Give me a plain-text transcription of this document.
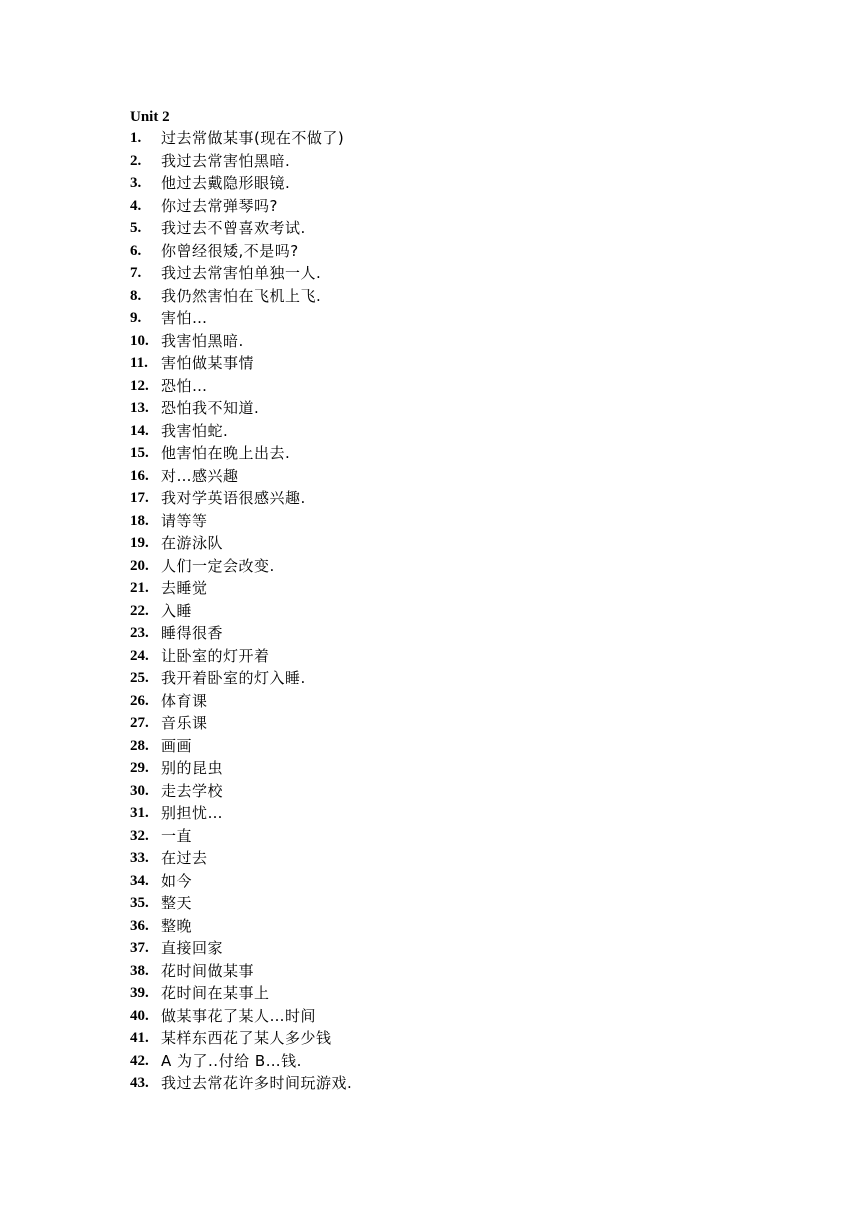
Unit 2
1.	过去常做某事(现在不做了)
2.	我过去常害怕黑暗.
3.	他过去戴隐形眼镜.
4.	你过去常弹琴吗?
5.	我过去不曾喜欢考试.
6.	你曾经很矮,不是吗?
7.	我过去常害怕单独一人.
8.	我仍然害怕在飞机上飞.
9.	害怕…
10. 我害怕黑暗.
11. 害怕做某事情
12. 恐怕…
13. 恐怕我不知道.
14. 我害怕蛇.
15. 他害怕在晚上出去.
16. 对…感兴趣
17. 我对学英语很感兴趣.
18. 请等等
19. 在游泳队
20. 人们一定会改变.
21. 去睡觉
22. 入睡
23. 睡得很香
24. 让卧室的灯开着
25. 我开着卧室的灯入睡.
26. 体育课
27. 音乐课
28. 画画
29. 别的昆虫
30. 走去学校
31. 别担忧…
32. 一直
33. 在过去
34. 如今
35. 整天
36. 整晚
37. 直接回家
38. 花时间做某事
39. 花时间在某事上
40. 做某事花了某人…时间
41. 某样东西花了某人多少钱
42. A 为了..付给 B…钱.
43. 我过去常花许多时间玩游戏.
